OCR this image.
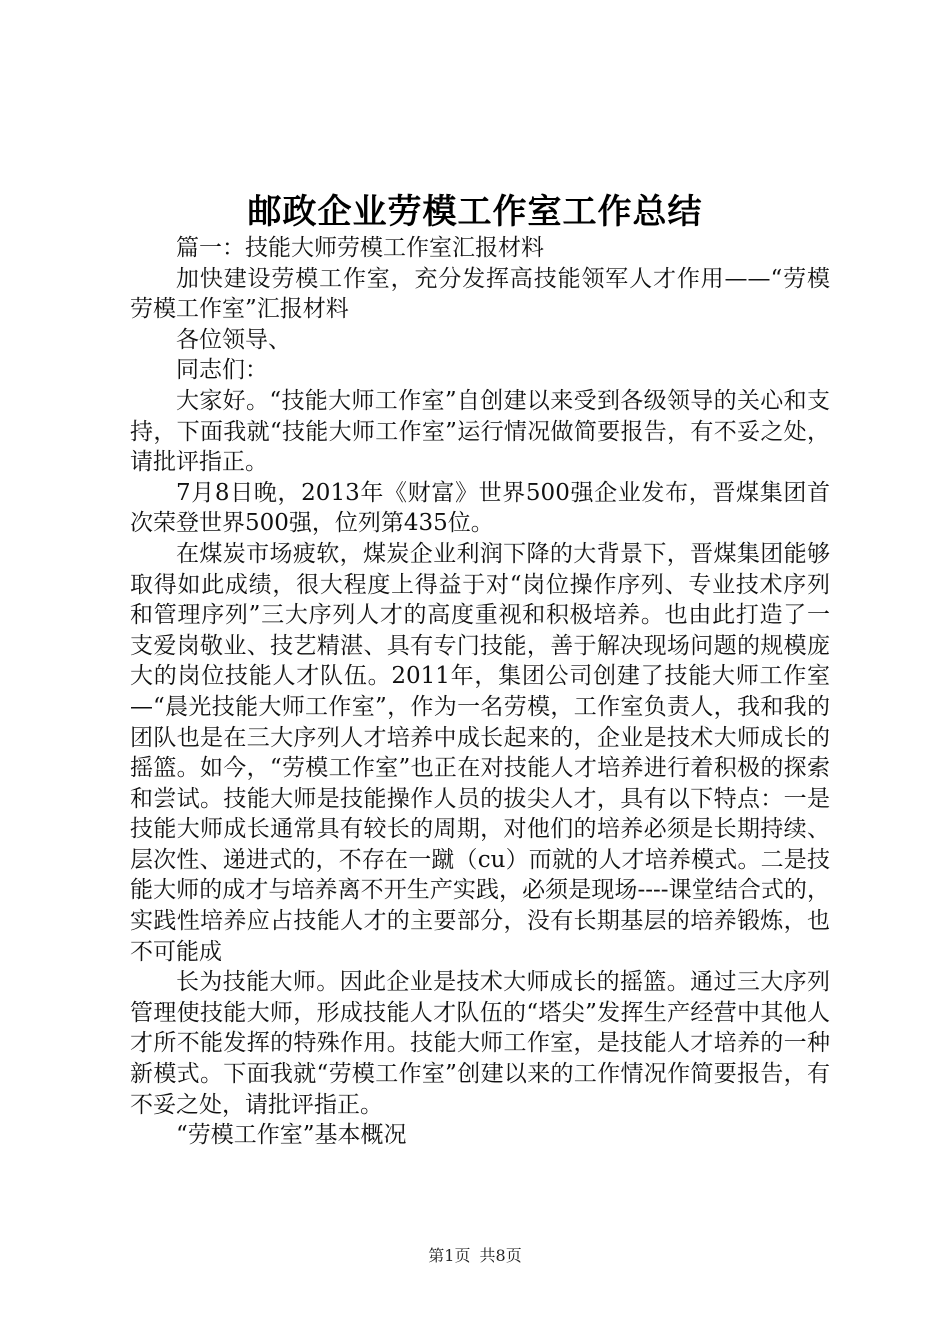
邮政企业劳模工作室工作总结

篇一：技能大师劳模工作室汇报材料

加快建设劳模工作室，充分发挥高技能领军人才作用——“劳模劳模工作室”汇报材料

各位领导、

同志们：

大家好。“技能大师工作室”自创建以来受到各级领导的关心和支持，下面我就“技能大师工作室”运行情况做简要报告，有不妥之处，请批评指正。

7月8日晚，2013年《财富》世界500强企业发布，晋煤集团首次荣登世界500强，位列第435位。

在煤炭市场疲软，煤炭企业利润下降的大背景下，晋煤集团能够取得如此成绩，很大程度上得益于对“岗位操作序列、专业技术序列和管理序列”三大序列人才的高度重视和积极培养。也由此打造了一支爱岗敬业、技艺精湛、具有专门技能，善于解决现场问题的规模庞大的岗位技能人才队伍。2011年，集团公司创建了技能大师工作室—“晨光技能大师工作室”，作为一名劳模，工作室负责人，我和我的团队也是在三大序列人才培养中成长起来的，企业是技术大师成长的摇篮。如今，“劳模工作室”也正在对技能人才培养进行着积极的探索和尝试。技能大师是技能操作人员的拔尖人才，具有以下特点：一是技能大师成长通常具有较长的周期，对他们的培养必须是长期持续、层次性、递进式的，不存在一蹴（cu）而就的人才培养模式。二是技能大师的成才与培养离不开生产实践，必须是现场----课堂结合式的，实践性培养应占技能人才的主要部分，没有长期基层的培养锻炼，也不可能成

长为技能大师。因此企业是技术大师成长的摇篮。通过三大序列管理使技能大师，形成技能人才队伍的“塔尖”发挥生产经营中其他人才所不能发挥的特殊作用。技能大师工作室，是技能人才培养的一种新模式。下面我就“劳模工作室”创建以来的工作情况作简要报告，有不妥之处，请批评指正。

“劳模工作室”基本概况

第1页 共8页
